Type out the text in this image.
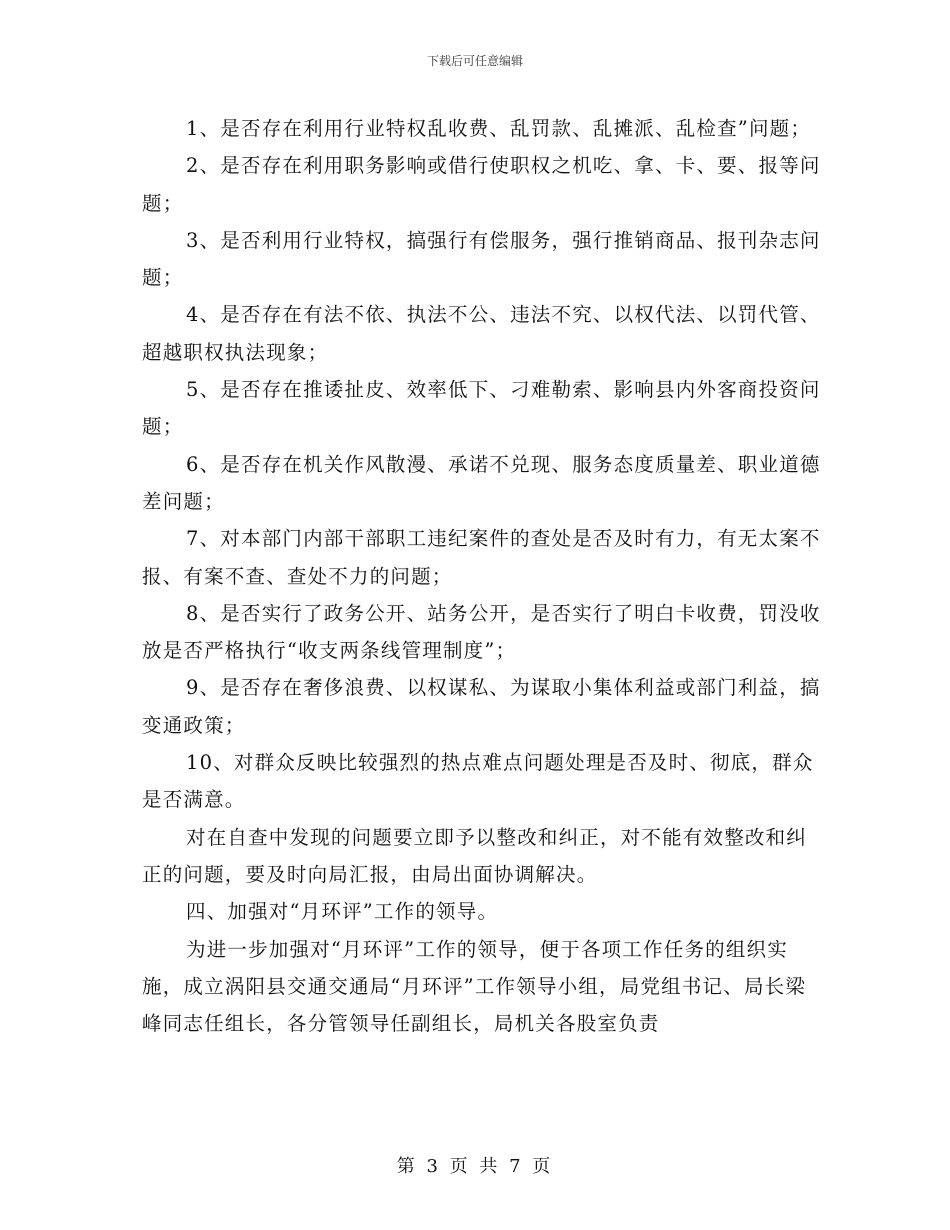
下载后可任意编辑

1、是否存在利用行业特权乱收费、乱罚款、乱摊派、乱检查”问题；

2、是否存在利用职务影响或借行使职权之机吃、拿、卡、要、报等问题；

3、是否利用行业特权，搞强行有偿服务，强行推销商品、报刊杂志问题；

4、是否存在有法不依、执法不公、违法不究、以权代法、以罚代管、超越职权执法现象；

5、是否存在推诿扯皮、效率低下、刁难勒索、影响县内外客商投资问题；

6、是否存在机关作风散漫、承诺不兑现、服务态度质量差、职业道德差问题；

7、对本部门内部干部职工违纪案件的查处是否及时有力，有无太案不报、有案不查、查处不力的问题；

8、是否实行了政务公开、站务公开，是否实行了明白卡收费，罚没收放是否严格执行“收支两条线管理制度”；

9、是否存在奢侈浪费、以权谋私、为谋取小集体利益或部门利益，搞变通政策；

10、对群众反映比较强烈的热点难点问题处理是否及时、彻底，群众是否满意。

对在自查中发现的问题要立即予以整改和纠正，对不能有效整改和纠正的问题，要及时向局汇报，由局出面协调解决。

四、加强对“月环评”工作的领导。

为进一步加强对“月环评”工作的领导，便于各项工作任务的组织实施，成立涡阳县交通交通局“月环评”工作领导小组，局党组书记、局长梁峰同志任组长，各分管领导任副组长，局机关各股室负责

第 3 页 共 7 页
